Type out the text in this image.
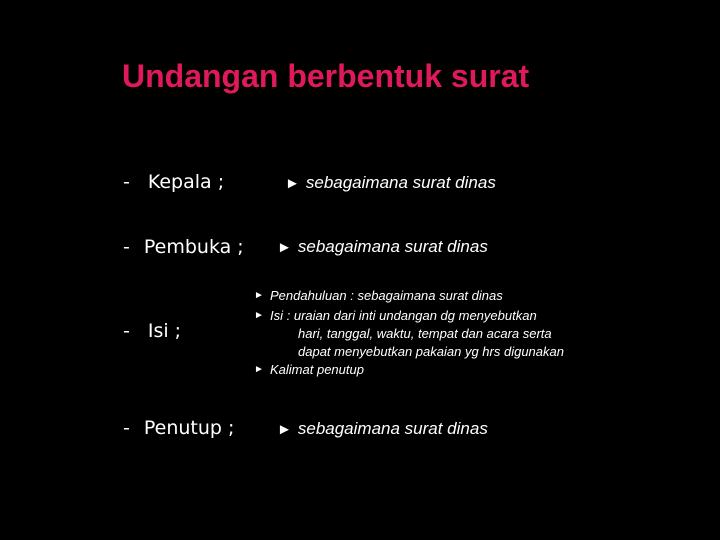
Undangan berbentuk surat
- Kepala ;	► sebagaimana surat dinas
- Pembuka ; ► sebagaimana surat dinas
- Isi ;
► Pendahuluan : sebagaimana surat dinas
► Isi : uraian dari inti undangan dg menyebutkan
hari, tanggal, waktu, tempat dan acara serta
dapat menyebutkan pakaian yg hrs digunakan
► Kalimat penutup
- Penutup ;	► sebagaimana surat dinas
